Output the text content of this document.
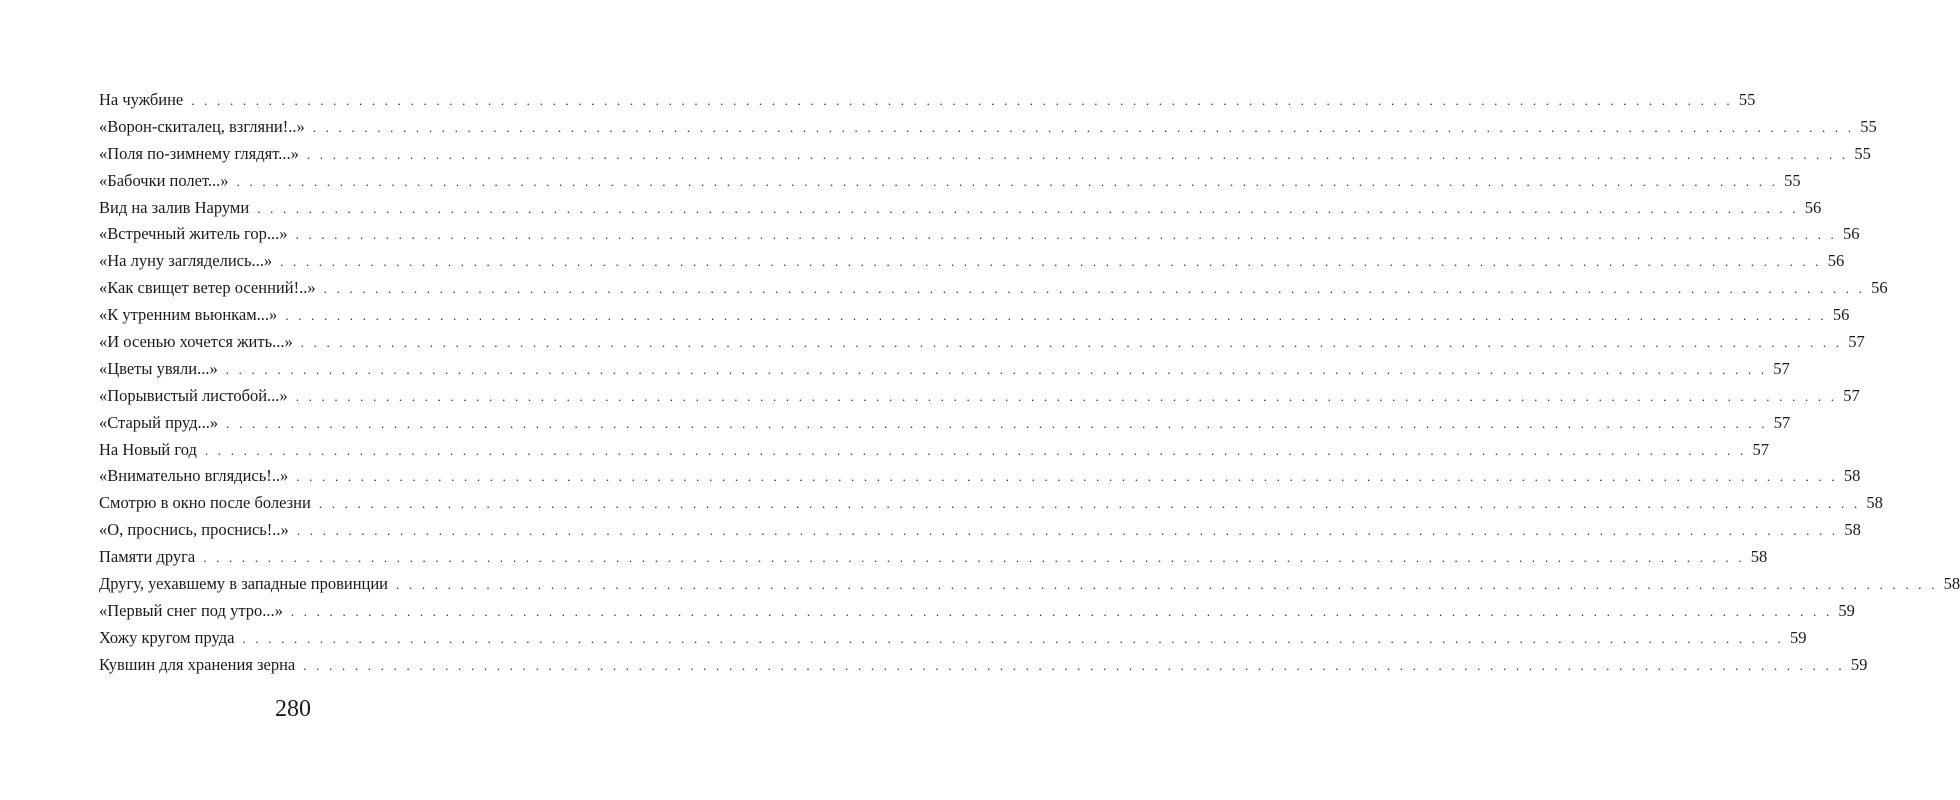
На чужбине . . . . . . . . . . . . . . . . . . . . . . . . . . . . . . . . . . . . . . . . . . . . . . . . . . . . . . . . . . . . . . . . . . . . . . . . . . . . . . . . . . . . . . . . . . . . . . . . . . . . . . . . . . . . . . . . . . . . . . . . 55
«Ворон-скиталец, взгляни!..» . . . . . . . . . . . . . . . . . . . . . . . . . . . . . . . . . . . . . . . . . . . . . . . . . . . . . . . . . . . . . . . . . . . . . . . . . . . . . . . . . . . . . . . . . . . . . . . . . . . . . . . . . . . . . . . . . . . . . . . . 55
«Поля по-зимнему глядят...» . . . . . . . . . . . . . . . . . . . . . . . . . . . . . . . . . . . . . . . . . . . . . . . . . . . . . . . . . . . . . . . . . . . . . . . . . . . . . . . . . . . . . . . . . . . . . . . . . . . . . . . . . . . . . . . . . . . . . . . . 55
«Бабочки полет...» . . . . . . . . . . . . . . . . . . . . . . . . . . . . . . . . . . . . . . . . . . . . . . . . . . . . . . . . . . . . . . . . . . . . . . . . . . . . . . . . . . . . . . . . . . . . . . . . . . . . . . . . . . . . . . . . . . . . . . . . 55
Вид на залив Наруми . . . . . . . . . . . . . . . . . . . . . . . . . . . . . . . . . . . . . . . . . . . . . . . . . . . . . . . . . . . . . . . . . . . . . . . . . . . . . . . . . . . . . . . . . . . . . . . . . . . . . . . . . . . . . . . . . . . . . . . . 56
«Встречный житель гор...» . . . . . . . . . . . . . . . . . . . . . . . . . . . . . . . . . . . . . . . . . . . . . . . . . . . . . . . . . . . . . . . . . . . . . . . . . . . . . . . . . . . . . . . . . . . . . . . . . . . . . . . . . . . . . . . . . . . . . . . . 56
«На луну загляделись...» . . . . . . . . . . . . . . . . . . . . . . . . . . . . . . . . . . . . . . . . . . . . . . . . . . . . . . . . . . . . . . . . . . . . . . . . . . . . . . . . . . . . . . . . . . . . . . . . . . . . . . . . . . . . . . . . . . . . . . . . 56
«Как свищет ветер осенний!..» . . . . . . . . . . . . . . . . . . . . . . . . . . . . . . . . . . . . . . . . . . . . . . . . . . . . . . . . . . . . . . . . . . . . . . . . . . . . . . . . . . . . . . . . . . . . . . . . . . . . . . . . . . . . . . . . . . . . . . . . 56
«К утренним вьюнкам...» . . . . . . . . . . . . . . . . . . . . . . . . . . . . . . . . . . . . . . . . . . . . . . . . . . . . . . . . . . . . . . . . . . . . . . . . . . . . . . . . . . . . . . . . . . . . . . . . . . . . . . . . . . . . . . . . . . . . . . . . 56
«И осенью хочется жить...» . . . . . . . . . . . . . . . . . . . . . . . . . . . . . . . . . . . . . . . . . . . . . . . . . . . . . . . . . . . . . . . . . . . . . . . . . . . . . . . . . . . . . . . . . . . . . . . . . . . . . . . . . . . . . . . . . . . . . . . . 57
«Цветы увяли...» . . . . . . . . . . . . . . . . . . . . . . . . . . . . . . . . . . . . . . . . . . . . . . . . . . . . . . . . . . . . . . . . . . . . . . . . . . . . . . . . . . . . . . . . . . . . . . . . . . . . . . . . . . . . . . . . . . . . . . . . 57
«Порывистый листобой...» . . . . . . . . . . . . . . . . . . . . . . . . . . . . . . . . . . . . . . . . . . . . . . . . . . . . . . . . . . . . . . . . . . . . . . . . . . . . . . . . . . . . . . . . . . . . . . . . . . . . . . . . . . . . . . . . . . . . . . . . 57
«Старый пруд...» . . . . . . . . . . . . . . . . . . . . . . . . . . . . . . . . . . . . . . . . . . . . . . . . . . . . . . . . . . . . . . . . . . . . . . . . . . . . . . . . . . . . . . . . . . . . . . . . . . . . . . . . . . . . . . . . . . . . . . . . 57
На Новый год . . . . . . . . . . . . . . . . . . . . . . . . . . . . . . . . . . . . . . . . . . . . . . . . . . . . . . . . . . . . . . . . . . . . . . . . . . . . . . . . . . . . . . . . . . . . . . . . . . . . . . . . . . . . . . . . . . . . . . . . 57
«Внимательно вглядись!..» . . . . . . . . . . . . . . . . . . . . . . . . . . . . . . . . . . . . . . . . . . . . . . . . . . . . . . . . . . . . . . . . . . . . . . . . . . . . . . . . . . . . . . . . . . . . . . . . . . . . . . . . . . . . . . . . . . . . . . . . 58
Смотрю в окно после болезни . . . . . . . . . . . . . . . . . . . . . . . . . . . . . . . . . . . . . . . . . . . . . . . . . . . . . . . . . . . . . . . . . . . . . . . . . . . . . . . . . . . . . . . . . . . . . . . . . . . . . . . . . . . . . . . . . . . . . . . . 58
«О, проснись, проснись!..» . . . . . . . . . . . . . . . . . . . . . . . . . . . . . . . . . . . . . . . . . . . . . . . . . . . . . . . . . . . . . . . . . . . . . . . . . . . . . . . . . . . . . . . . . . . . . . . . . . . . . . . . . . . . . . . . . . . . . . . . 58
Памяти друга . . . . . . . . . . . . . . . . . . . . . . . . . . . . . . . . . . . . . . . . . . . . . . . . . . . . . . . . . . . . . . . . . . . . . . . . . . . . . . . . . . . . . . . . . . . . . . . . . . . . . . . . . . . . . . . . . . . . . . . . 58
Другу, уехавшему в западные провинции . . . . . . . . . . . . . . . . . . . . . . . . . . . . . . . . . . . . . . . . . . . . . . . . . . . . . . . . . . . . . . . . . . . . . . . . . . . . . . . . . . . . . . . . . . . . . . . . . . . . . . . . . . . . . . . . . . . . . . . . 58
«Первый снег под утро...» . . . . . . . . . . . . . . . . . . . . . . . . . . . . . . . . . . . . . . . . . . . . . . . . . . . . . . . . . . . . . . . . . . . . . . . . . . . . . . . . . . . . . . . . . . . . . . . . . . . . . . . . . . . . . . . . . . . . . . . . 59
Хожу кругом пруда . . . . . . . . . . . . . . . . . . . . . . . . . . . . . . . . . . . . . . . . . . . . . . . . . . . . . . . . . . . . . . . . . . . . . . . . . . . . . . . . . . . . . . . . . . . . . . . . . . . . . . . . . . . . . . . . . . . . . . . . 59
Кувшин для хранения зерна . . . . . . . . . . . . . . . . . . . . . . . . . . . . . . . . . . . . . . . . . . . . . . . . . . . . . . . . . . . . . . . . . . . . . . . . . . . . . . . . . . . . . . . . . . . . . . . . . . . . . . . . . . . . . . . . . . . . . . . . 59
280
